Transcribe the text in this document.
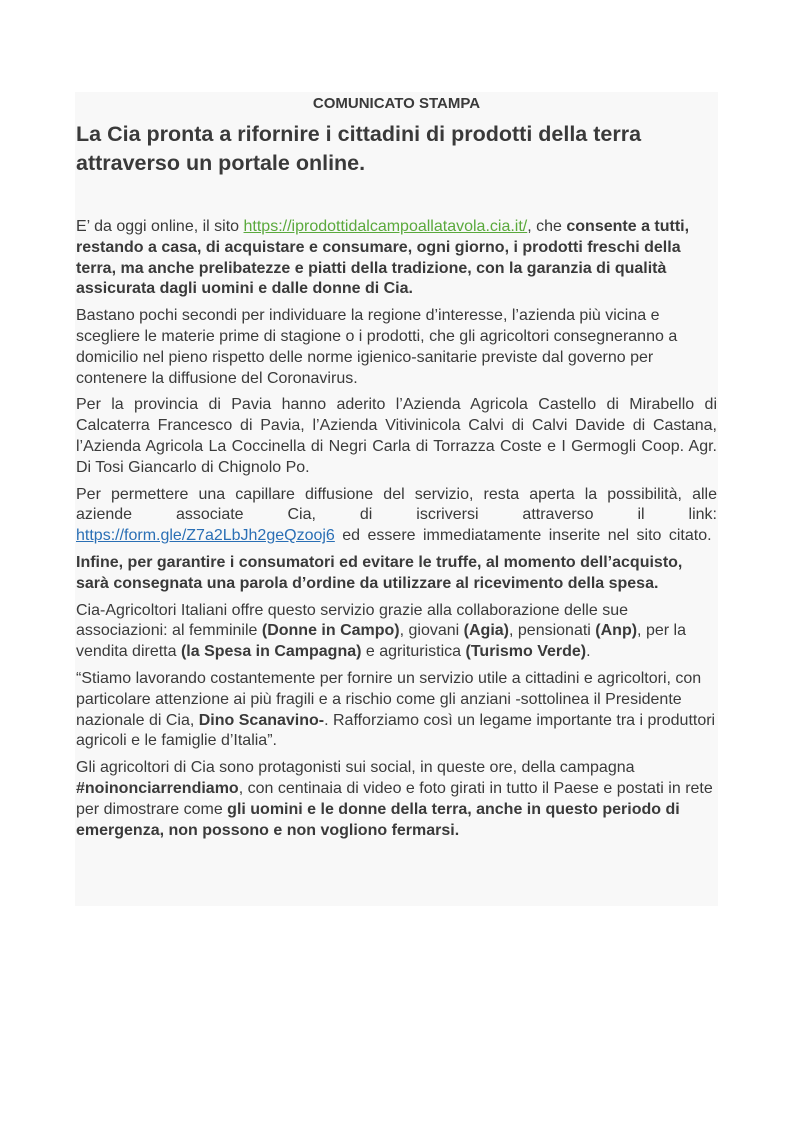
COMUNICATO STAMPA
La Cia pronta a rifornire i cittadini di prodotti della terra attraverso un portale online.

E’ da oggi online, il sito https://iprodottidalcampoallatavola.cia.it/, che consente a tutti, restando a casa, di acquistare e consumare, ogni giorno, i prodotti freschi della terra, ma anche prelibatezze e piatti della tradizione, con la garanzia di qualità assicurata dagli uomini e dalle donne di Cia.

Bastano pochi secondi per individuare la regione d’interesse, l’azienda più vicina e scegliere le materie prime di stagione o i prodotti, che gli agricoltori consegneranno a domicilio nel pieno rispetto delle norme igienico-sanitarie previste dal governo per contenere la diffusione del Coronavirus.

Per la provincia di Pavia hanno aderito l’Azienda Agricola Castello di Mirabello di Calcaterra Francesco di Pavia, l’Azienda Vitivinicola Calvi di Calvi Davide di Castana, l’Azienda Agricola La Coccinella di Negri Carla di Torrazza Coste e I Germogli Coop. Agr. Di Tosi Giancarlo di Chignolo Po.

Per permettere una capillare diffusione del servizio, resta aperta la possibilità, alle aziende associate Cia, di iscriversi attraverso il link: https://form.gle/Z7a2LbJh2geQzooj6 ed essere immediatamente inserite nel sito citato.

Infine, per garantire i consumatori ed evitare le truffe, al momento dell’acquisto, sarà consegnata una parola d’ordine da utilizzare al ricevimento della spesa.

Cia-Agricoltori Italiani offre questo servizio grazie alla collaborazione delle sue associazioni: al femminile (Donne in Campo), giovani (Agia), pensionati (Anp), per la vendita diretta (la Spesa in Campagna) e agrituristica (Turismo Verde).

“Stiamo lavorando costantemente per fornire un servizio utile a cittadini e agricoltori, con particolare attenzione ai più fragili e a rischio come gli anziani -sottolinea il Presidente nazionale di Cia, Dino Scanavino-. Rafforziamo così un legame importante tra i produttori agricoli e le famiglie d’Italia”.

Gli agricoltori di Cia sono protagonisti sui social, in queste ore, della campagna #noinonciarrendiamo, con centinaia di video e foto girati in tutto il Paese e postati in rete per dimostrare come gli uomini e le donne della terra, anche in questo periodo di emergenza, non possono e non vogliono fermarsi.
